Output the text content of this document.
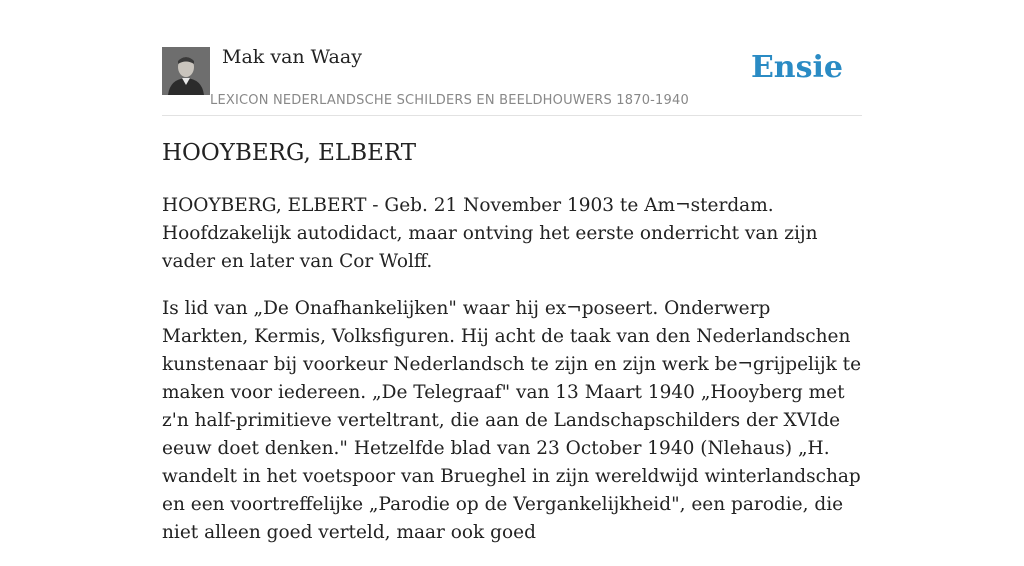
Mak van Waay
LEXICON NEDERLANDSCHE SCHILDERS EN BEELDHOUWERS 1870-1940
Ensie
HOOYBERG, ELBERT

HOOYBERG, ELBERT - Geb. 21 November 1903 te Am¬sterdam. Hoofdzakelijk autodidact, maar ontving het eerste onderricht van zijn vader en later van Cor Wolff.

Is lid van „De Onafhankelijken" waar hij ex¬poseert. Onderwerp Markten, Kermis, Volksfiguren. Hij acht de taak van den Nederlandschen kunstenaar bij voorkeur Nederlandsch te zijn en zijn werk be¬grijpelijk te maken voor iedereen. „De Telegraaf" van 13 Maart 1940 „Hooyberg met z'n half-primitieve verteltrant, die aan de Landschapschilders der XVIde eeuw doet denken." Hetzelfde blad van 23 October 1940 (Nlehaus) „H. wandelt in het voetspoor van Brueghel in zijn wereldwijd winterlandschap en een voortreffelijke „Parodie op de Vergankelijkheid", een parodie, die niet alleen goed verteld, maar ook goed
